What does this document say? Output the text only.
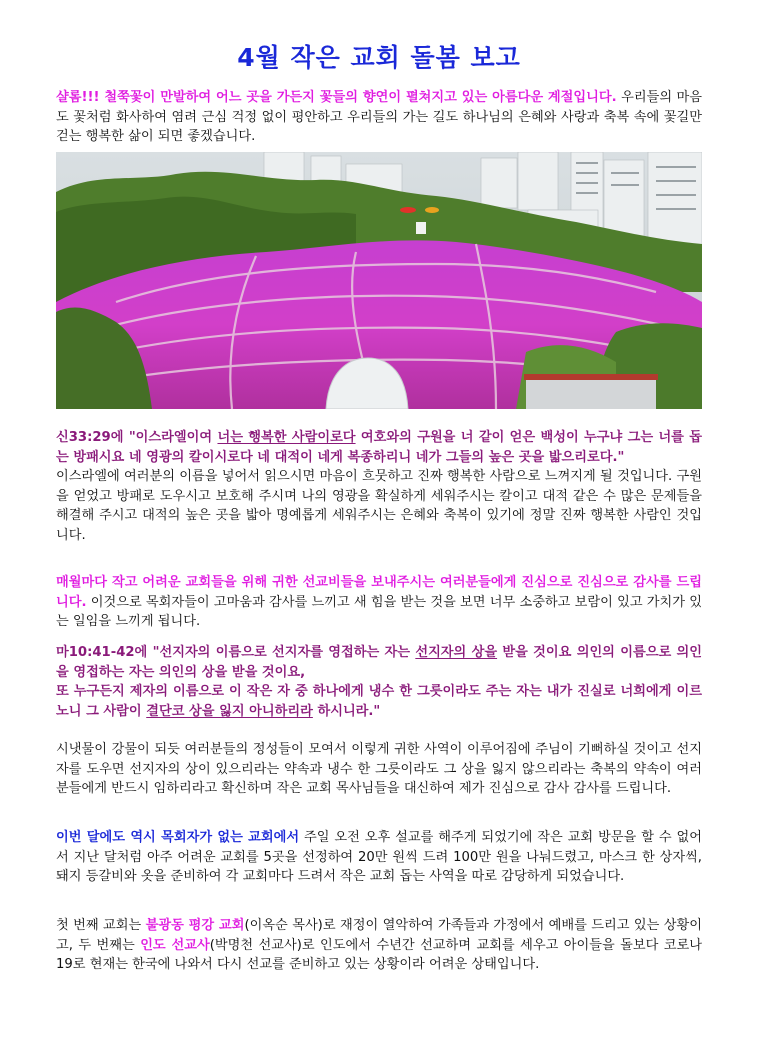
4월 작은 교회 돌봄 보고

샬롬!!! 철쭉꽃이 만발하여 어느 곳을 가든지 꽃들의 향연이 펼쳐지고 있는 아름다운 계절입니다. 우리들의 마음도 꽃처럼 화사하여 염려 근심 걱정 없이 평안하고 우리들의 가는 길도 하나님의 은혜와 사랑과 축복 속에 꽃길만 걷는 행복한 삶이 되면 좋겠습니다.

신33:29에 "이스라엘이여 너는 행복한 사람이로다 여호와의 구원을 너 같이 얻은 백성이 누구냐 그는 너를 돕는 방패시요 네 영광의 칼이시로다 네 대적이 네게 복종하리니 네가 그들의 높은 곳을 밟으리로다."

이스라엘에 여러분의 이름을 넣어서 읽으시면 마음이 흐뭇하고 진짜 행복한 사람으로 느껴지게 될 것입니다. 구원을 얻었고 방패로 도우시고 보호해 주시며 나의 영광을 확실하게 세워주시는 칼이고 대적 같은 수 많은 문제들을 해결해 주시고 대적의 높은 곳을 밟아 명예롭게 세워주시는 은혜와 축복이 있기에 정말 진짜 행복한 사람인 것입니다.

매월마다 작고 어려운 교회들을 위해 귀한 선교비들을 보내주시는 여러분들에게 진심으로 진심으로 감사를 드립니다. 이것으로 목회자들이 고마움과 감사를 느끼고 새 힘을 받는 것을 보면 너무 소중하고 보람이 있고 가치가 있는 일임을 느끼게 됩니다.

마10:41-42에 "선지자의 이름으로 선지자를 영접하는 자는 선지자의 상을 받을 것이요 의인의 이름으로 의인을 영접하는 자는 의인의 상을 받을 것이요,

또 누구든지 제자의 이름으로 이 작은 자 중 하나에게 냉수 한 그릇이라도 주는 자는 내가 진실로 너희에게 이르노니 그 사람이 결단코 상을 잃지 아니하리라 하시니라."

시냇물이 강물이 되듯 여러분들의 정성들이 모여서 이렇게 귀한 사역이 이루어짐에 주님이 기뻐하실 것이고 선지자를 도우면 선지자의 상이 있으리라는 약속과 냉수 한 그릇이라도 그 상을 잃지 않으리라는 축복의 약속이 여러분들에게 반드시 임하리라고 확신하며 작은 교회 목사님들을 대신하여 제가 진심으로 감사 감사를 드립니다.

이번 달에도 역시 목회자가 없는 교회에서 주일 오전 오후 설교를 해주게 되었기에 작은 교회 방문을 할 수 없어서 지난 달처럼 아주 어려운 교회를 5곳을 선정하여 20만 원씩 드려 100만 원을 나눠드렸고, 마스크 한 상자씩, 돼지 등갈비와 옷을 준비하여 각 교회마다 드려서 작은 교회 돕는 사역을 따로 감당하게 되었습니다.

첫 번째 교회는 불광동 평강 교회(이옥순 목사)로 재정이 열악하여 가족들과 가정에서 예배를 드리고 있는 상황이고, 두 번째는 인도 선교사(박명천 선교사)로 인도에서 수년간 선교하며 교회를 세우고 아이들을 돌보다 코로나 19로 현재는 한국에 나와서 다시 선교를 준비하고 있는 상황이라 어려운 상태입니다.
